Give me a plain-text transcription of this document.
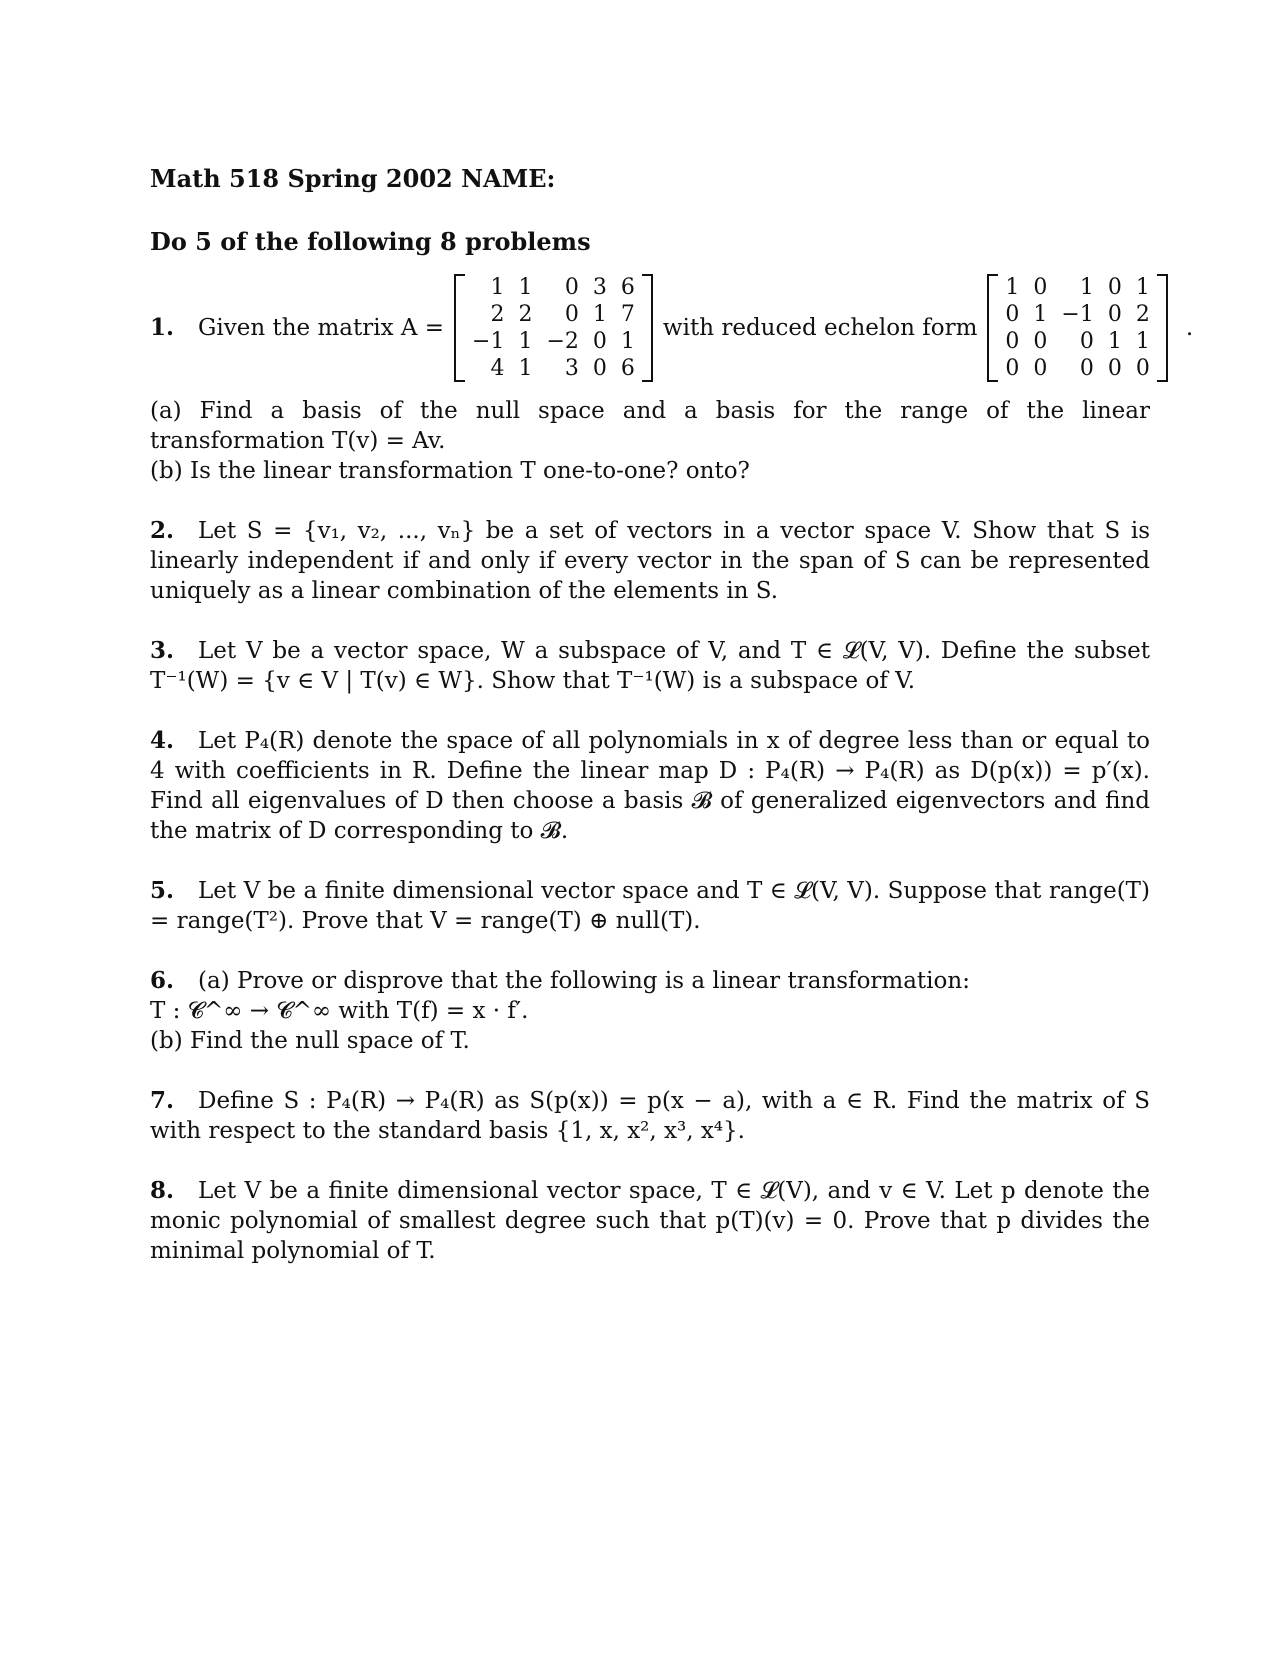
Math 518 Spring 2002 NAME:
Do 5 of the following 8 problems
1. Given the matrix A =
1	1	0	3	6
2	2	0	1	7
−1	1	−2	0	1
4	1	3	0	6
with reduced echelon form
1	0	1	0	1
0	1	−1	0	2
0	0	0	1	1
0	0	0	0	0
.
(a) Find a basis of the null space and a basis for the range of the linear transformation T(v) = Av.
(b) Is the linear transformation T one-to-one? onto?
2. Let S = {v₁, v₂, ..., vₙ} be a set of vectors in a vector space V. Show that S is linearly independent if and only if every vector in the span of S can be represented uniquely as a linear combination of the elements in S.
3. Let V be a vector space, W a subspace of V, and T ∈ 𝓛(V, V). Define the subset T⁻¹(W) = {v ∈ V | T(v) ∈ W}. Show that T⁻¹(W) is a subspace of V.
4. Let P₄(R) denote the space of all polynomials in x of degree less than or equal to 4 with coefficients in R. Define the linear map D : P₄(R) → P₄(R) as D(p(x)) = p′(x). Find all eigenvalues of D then choose a basis 𝓑 of generalized eigenvectors and find the matrix of D corresponding to 𝓑.
5. Let V be a finite dimensional vector space and T ∈ 𝓛(V, V). Suppose that range(T) = range(T²). Prove that V = range(T) ⊕ null(T).
6. (a) Prove or disprove that the following is a linear transformation:
T : 𝓒^∞ → 𝓒^∞ with T(f) = x · f′.
(b) Find the null space of T.
7. Define S : P₄(R) → P₄(R) as S(p(x)) = p(x − a), with a ∈ R. Find the matrix of S with respect to the standard basis {1, x, x², x³, x⁴}.
8. Let V be a finite dimensional vector space, T ∈ 𝓛(V), and v ∈ V. Let p denote the monic polynomial of smallest degree such that p(T)(v) = 0. Prove that p divides the minimal polynomial of T.
